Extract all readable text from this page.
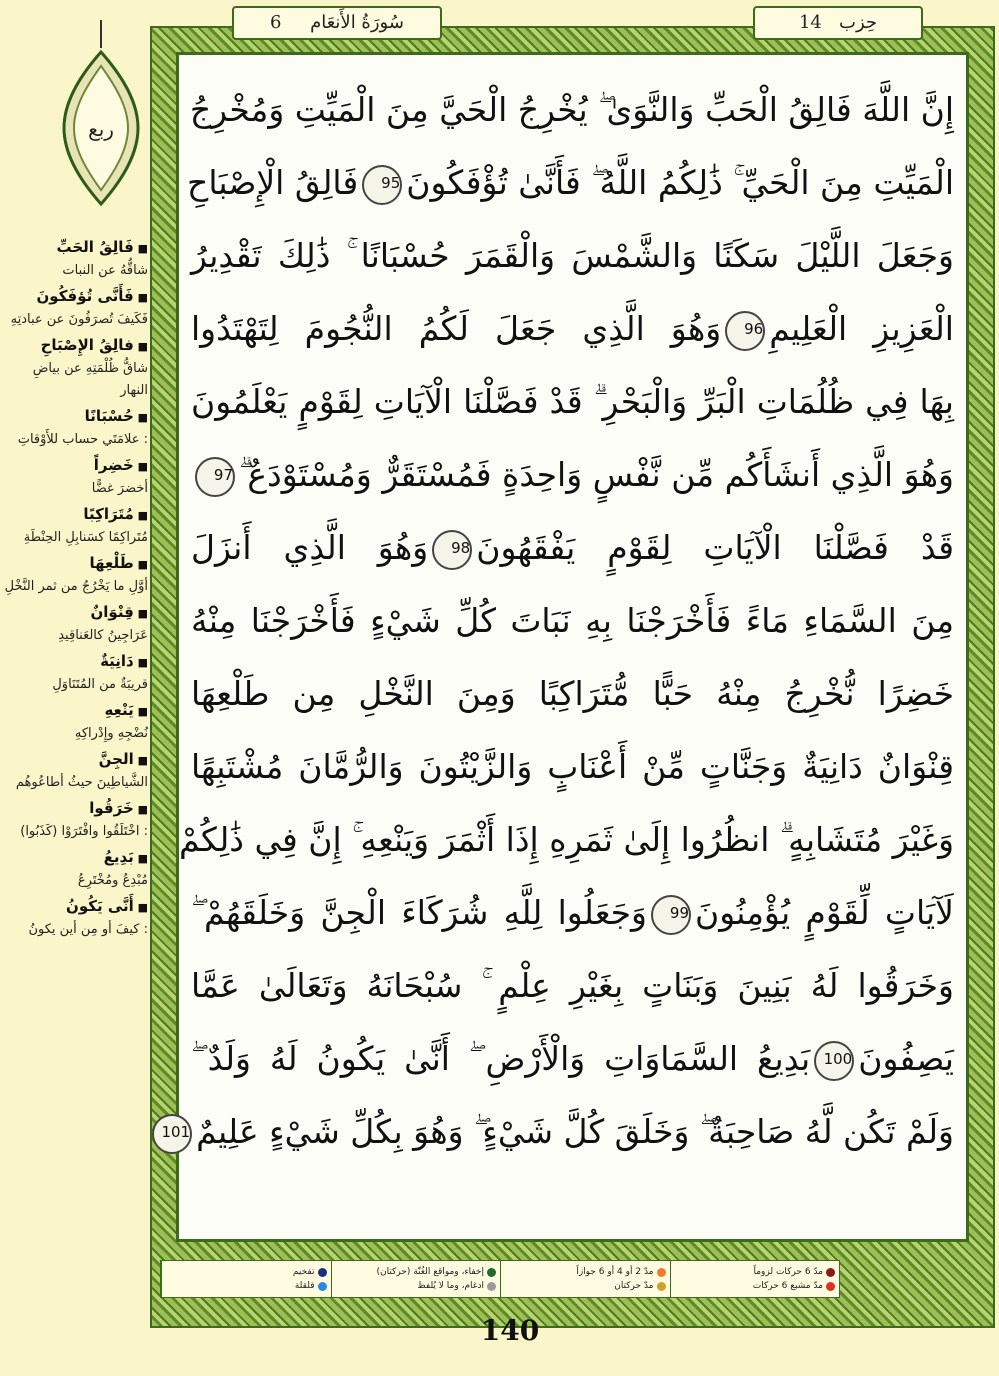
ربع
■ فَالِقُ الحَبِّ
شاقُّهُ عن النبات
■ فَأَنَّى تُؤفَكُونَ
فَكَيفَ تُصرَفُونَ عن عبادتِهِ
■ فالِقُ الإِصْبَاحِ
شاقُّ ظُلْمَتِهِ عن بياضِ النهار
■ حُسْبَانًا
: علامَتَي حساب للأَوْقاتِ
■ خَضِراً
أخضرَ غضًّا
■ مُتَرَاكِبًا
مُتَراكِمًا كسَنابِلِ الحِنْطَةِ
■ طَلْعِهَا
أوَّلِ ما يَخْرُجُ من ثمر النَّخْلِ
■ قِنْوَانٌ
عَرَاجِينُ كالعَناقِيدِ
■ دَانِيَةٌ
قريبَةٌ من المُتَنَاوَلِ
■ يَنْعِهِ
نُضْجِهِ وإِدْراكِهِ
■ الجِنَّ
الشَّياطِينَ حيثُ أطاعُوهُم
■ خَرَقُوا
: اخْتَلَقُوا وافْتَرَوْا (كَذَبُوا)
■ بَدِيعُ
مُبْدِعُ ومُخْتَرِعُ
■ أَنَّى يَكُونُ
: كيفَ أو مِن أين يكونُ
سُورَةُ الأَنعَام     6	حِزب   14
إِنَّ اللَّهَ فَالِقُ الْحَبِّ وَالنَّوَىٰ ۖ يُخْرِجُ الْحَيَّ مِنَ الْمَيِّتِ وَمُخْرِجُ
الْمَيِّتِ مِنَ الْحَيِّ ۚ ذَٰلِكُمُ اللَّهُ ۖ فَأَنَّىٰ تُؤْفَكُونَ95فَالِقُ الْإِصْبَاحِ
وَجَعَلَ اللَّيْلَ سَكَنًا وَالشَّمْسَ وَالْقَمَرَ حُسْبَانًا ۚ ذَٰلِكَ تَقْدِيرُ
الْعَزِيزِ الْعَلِيمِ96وَهُوَ الَّذِي جَعَلَ لَكُمُ النُّجُومَ لِتَهْتَدُوا
بِهَا فِي ظُلُمَاتِ الْبَرِّ وَالْبَحْرِ ۗ قَدْ فَصَّلْنَا الْآيَاتِ لِقَوْمٍ يَعْلَمُونَ
وَهُوَ الَّذِي أَنشَأَكُم مِّن نَّفْسٍ وَاحِدَةٍ فَمُسْتَقَرٌّ وَمُسْتَوْدَعٌ ۗ97
قَدْ فَصَّلْنَا الْآيَاتِ لِقَوْمٍ يَفْقَهُونَ98وَهُوَ الَّذِي أَنزَلَ
مِنَ السَّمَاءِ مَاءً فَأَخْرَجْنَا بِهِ نَبَاتَ كُلِّ شَيْءٍ فَأَخْرَجْنَا مِنْهُ
خَضِرًا نُّخْرِجُ مِنْهُ حَبًّا مُّتَرَاكِبًا وَمِنَ النَّخْلِ مِن طَلْعِهَا
قِنْوَانٌ دَانِيَةٌ وَجَنَّاتٍ مِّنْ أَعْنَابٍ وَالزَّيْتُونَ وَالرُّمَّانَ مُشْتَبِهًا
وَغَيْرَ مُتَشَابِهٍ ۗ انظُرُوا إِلَىٰ ثَمَرِهِ إِذَا أَثْمَرَ وَيَنْعِهِ ۚ إِنَّ فِي ذَٰلِكُمْ
لَآيَاتٍ لِّقَوْمٍ يُؤْمِنُونَ99وَجَعَلُوا لِلَّهِ شُرَكَاءَ الْجِنَّ وَخَلَقَهُمْ ۖ
وَخَرَقُوا لَهُ بَنِينَ وَبَنَاتٍ بِغَيْرِ عِلْمٍ ۚ سُبْحَانَهُ وَتَعَالَىٰ عَمَّا
يَصِفُونَ100بَدِيعُ السَّمَاوَاتِ وَالْأَرْضِ ۖ أَنَّىٰ يَكُونُ لَهُ وَلَدٌ ۖ
وَلَمْ تَكُن لَّهُ صَاحِبَةٌ ۖ وَخَلَقَ كُلَّ شَيْءٍ ۖ وَهُوَ بِكُلِّ شَيْءٍ عَلِيمٌ101
مدّ 6 حركات لزوماً
مدّ مشبع 6 حركات
مدّ 2 أو 4 أو 6 جوازاً
مدّ حركتان
إخفاء، ومواقع الغُنّة (حركتان)
ادغام، وما لا يُلفظ
تفخيم
قلقلة
140
